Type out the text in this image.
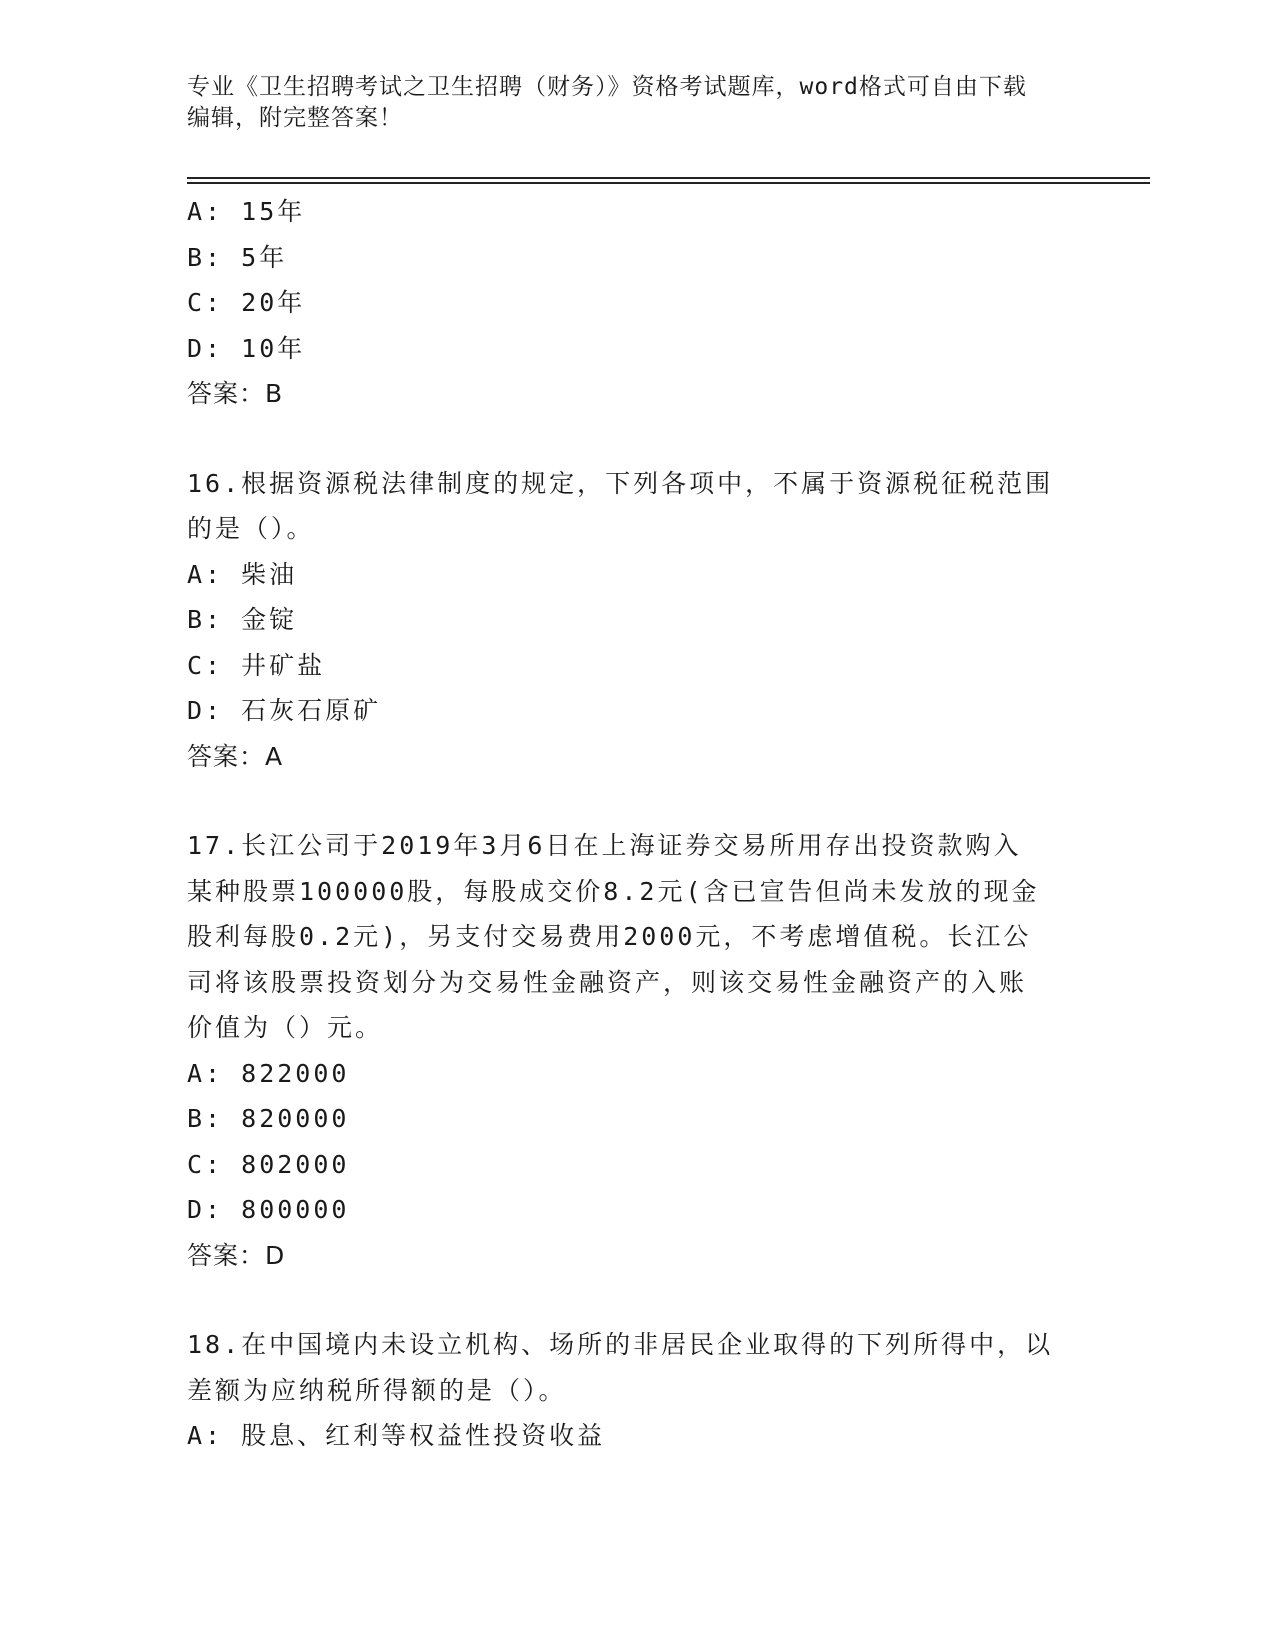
专业《卫生招聘考试之卫生招聘（财务）》资格考试题库，word格式可自由下载
编辑，附完整答案！
A: 15年
B: 5年
C: 20年
D: 10年
答案：B
16.根据资源税法律制度的规定，下列各项中，不属于资源税征税范围
的是（）。
A: 柴油
B: 金锭
C: 井矿盐
D: 石灰石原矿
答案：A
17.长江公司于2019年3月6日在上海证券交易所用存出投资款购入
某种股票100000股，每股成交价8.2元(含已宣告但尚未发放的现金
股利每股0.2元)，另支付交易费用2000元，不考虑增值税。长江公
司将该股票投资划分为交易性金融资产，则该交易性金融资产的入账
价值为（）元。
A: 822000
B: 820000
C: 802000
D: 800000
答案：D
18.在中国境内未设立机构、场所的非居民企业取得的下列所得中，以
差额为应纳税所得额的是（）。
A: 股息、红利等权益性投资收益
